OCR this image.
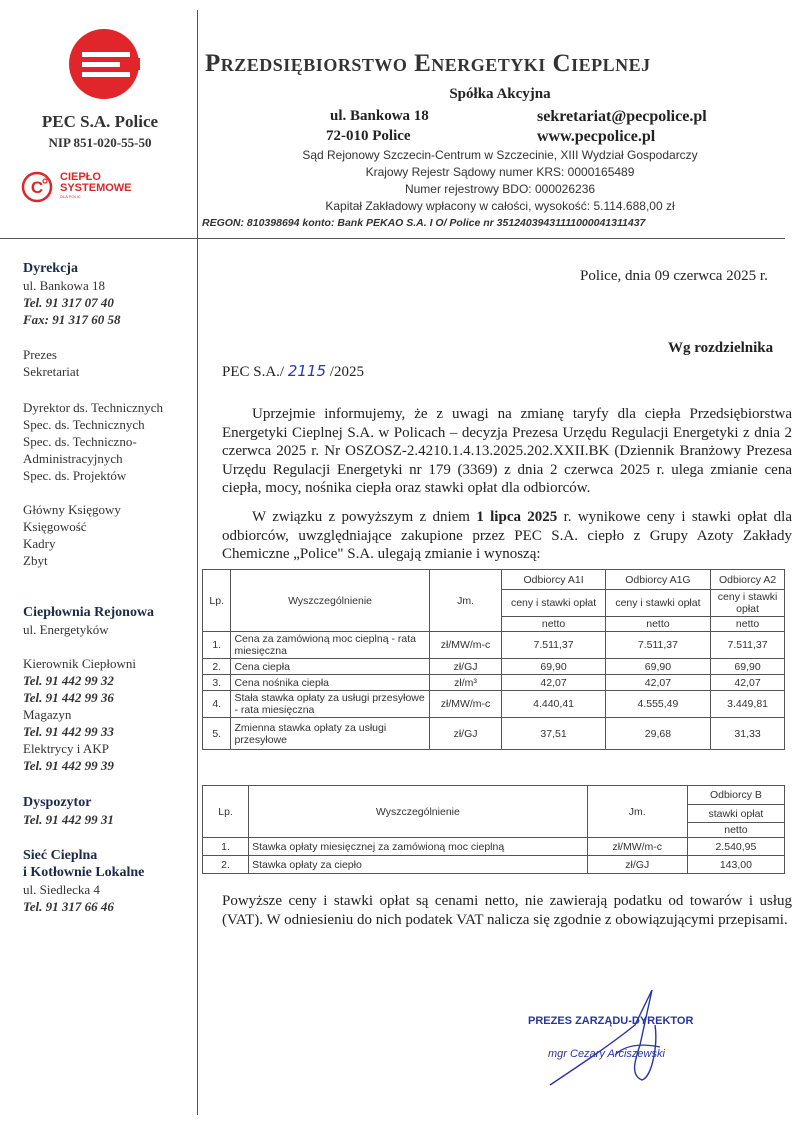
PEC S.A. Police
NIP 851-020-55-50
C
CIEPŁO
SYSTEMOWE
DLA POLIC
Przedsiębiorstwo Energetyki Cieplnej
Spółka Akcyjna
ul. Bankowa 18
72-010 Police
sekretariat@pecpolice.pl
www.pecpolice.pl
Sąd Rejonowy Szczecin-Centrum w Szczecinie, XIII Wydział Gospodarczy
Krajowy Rejestr Sądowy numer KRS: 0000165489
Numer rejestrowy BDO: 000026236
Kapitał Zakładowy wpłacony w całości, wysokość: 5.114.688,00 zł
REGON: 810398694 konto: Bank PEKAO S.A. I O/ Police nr 35124039431111000041311437
Dyrekcja
ul. Bankowa 18
Tel. 91 317 07 40
Fax: 91 317 60 58
Prezes
Sekretariat
Dyrektor ds. Technicznych
Spec. ds. Technicznych
Spec. ds. Techniczno-
Administracyjnych
Spec. ds. Projektów
Główny Księgowy
Księgowość
Kadry
Zbyt
Ciepłownia Rejonowa
ul. Energetyków
Kierownik Ciepłowni
Tel. 91 442 99 32
Tel. 91 442 99 36
Magazyn
Tel. 91 442 99 33
Elektrycy i AKP
Tel. 91 442 99 39
Dyspozytor
Tel. 91 442 99 31
Sieć Cieplna
i Kotłownie Lokalne
ul. Siedlecka 4
Tel. 91 317 66 46
Police, dnia 09 czerwca 2025 r.
Wg rozdzielnika
PEC S.A./ 2115 /2025
Uprzejmie informujemy, że z uwagi na zmianę taryfy dla ciepła Przedsiębiorstwa Energetyki Cieplnej S.A. w Policach – decyzja Prezesa Urzędu Regulacji Energetyki z dnia 2 czerwca 2025 r. Nr OSZOSZ-2.4210.1.4.13.2025.202.XXII.BK (Dziennik Branżowy Prezesa Urzędu Regulacji Energetyki nr 179 (3369) z dnia 2 czerwca 2025 r. ulega zmianie cena ciepła, mocy, nośnika ciepła oraz stawki opłat dla odbiorców.
W związku z powyższym z dniem 1 lipca 2025 r. wynikowe ceny i stawki opłat dla odbiorców, uwzględniające zakupione przez PEC S.A. ciepło z Grupy Azoty Zakłady Chemiczne „Police" S.A. ulegają zmianie i wynoszą:
Lp.	Wyszczególnienie	Jm.	Odbiorcy A1I	Odbiorcy A1G	Odbiorcy A2
			ceny i stawki opłat	ceny i stawki opłat	ceny i stawki opłat
			netto	netto	netto
1.	Cena za zamówioną moc cieplną - rata miesięczna	zł/MW/m-c	7.511,37	7.511,37	7.511,37
2.	Cena ciepła	zł/GJ	69,90	69,90	69,90
3.	Cena nośnika ciepła	zł/m³	42,07	42,07	42,07
4.	Stała stawka opłaty za usługi przesyłowe - rata miesięczna	zł/MW/m-c	4.440,41	4.555,49	3.449,81
5.	Zmienna stawka opłaty za usługi przesyłowe	zł/GJ	37,51	29,68	31,33
Lp.	Wyszczególnienie	Jm.	Odbiorcy B
			stawki opłat
			netto
1.	Stawka opłaty miesięcznej za zamówioną moc cieplną	zł/MW/m-c	2.540,95
2.	Stawka opłaty za ciepło	zł/GJ	143,00
Powyższe ceny i stawki opłat są cenami netto, nie zawierają podatku od towarów i usług (VAT). W odniesieniu do nich podatek VAT nalicza się zgodnie z obowiązującymi przepisami.
PREZES ZARZĄDU-DYREKTOR
mgr Cezary Arciszewski
